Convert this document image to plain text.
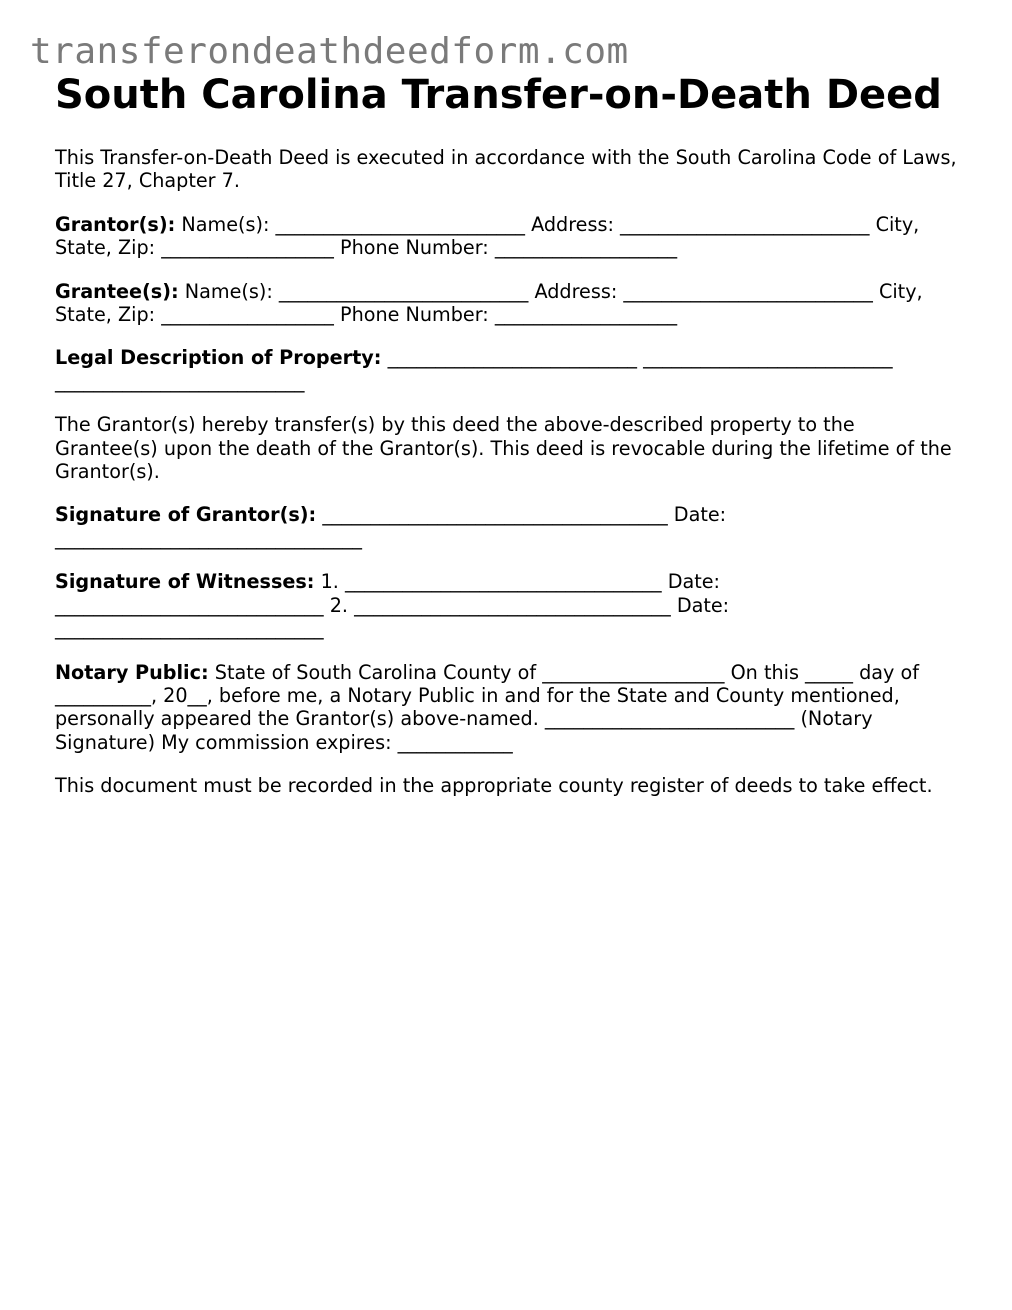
transferondeathdeedform.com
South Carolina Transfer-on-Death Deed

This Transfer-on-Death Deed is executed in accordance with the South Carolina Code of Laws, Title 27, Chapter 7.

Grantor(s): Name(s): __________________________ Address: __________________________ City, State, Zip: __________________ Phone Number: ___________________

Grantee(s): Name(s): __________________________ Address: __________________________ City, State, Zip: __________________ Phone Number: ___________________

Legal Description of Property: __________________________ __________________________ __________________________

The Grantor(s) hereby transfer(s) by this deed the above-described property to the Grantee(s) upon the death of the Grantor(s). This deed is revocable during the lifetime of the Grantor(s).

Signature of Grantor(s): ____________________________________ Date: ________________________________

Signature of Witnesses: 1. _________________________________ Date: ____________________________ 2. _________________________________ Date: ____________________________

Notary Public: State of South Carolina County of ___________________ On this _____ day of __________, 20__, before me, a Notary Public in and for the State and County mentioned, personally appeared the Grantor(s) above-named. __________________________ (Notary Signature) My commission expires: ____________

This document must be recorded in the appropriate county register of deeds to take effect.
